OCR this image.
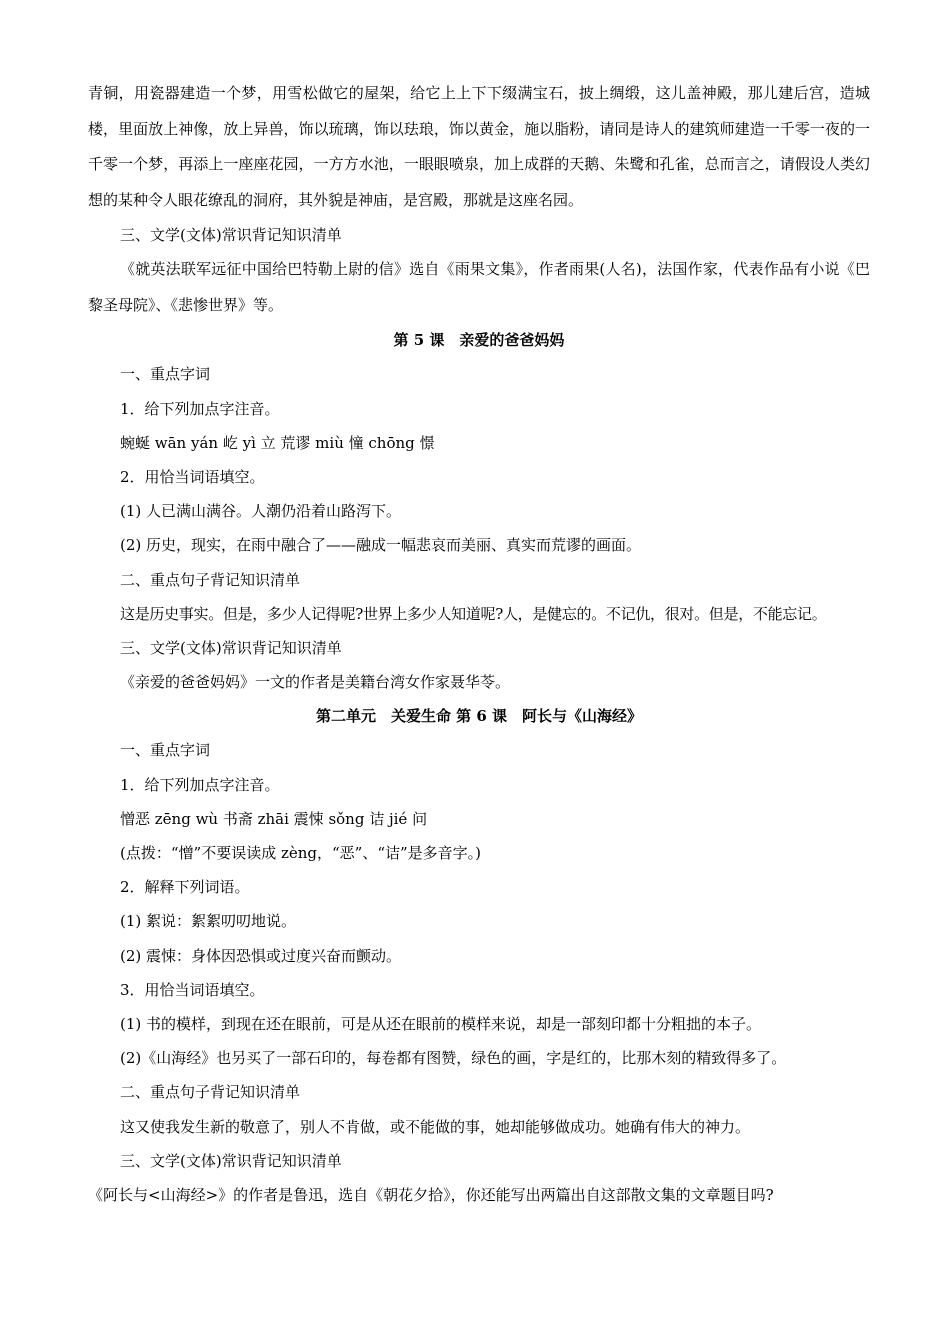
青铜，用瓷器建造一个梦，用雪松做它的屋架，给它上上下下缀满宝石，披上绸缎，这儿盖神殿，那儿建后宫，造城楼，里面放上神像，放上异兽，饰以琉璃，饰以珐琅，饰以黄金，施以脂粉，请同是诗人的建筑师建造一千零一夜的一千零一个梦，再添上一座座花园，一方方水池，一眼眼喷泉，加上成群的天鹅、朱鹭和孔雀，总而言之，请假设人类幻想的某种令人眼花缭乱的洞府，其外貌是神庙，是宫殿，那就是这座名园。

三、文学(文体)常识背记知识清单

《就英法联军远征中国给巴特勒上尉的信》选自《雨果文集》，作者雨果(人名)，法国作家，代表作品有小说《巴黎圣母院》、《悲惨世界》等。

第 5 课　亲爱的爸爸妈妈

一、重点字词

1．给下列加点字注音。

蜿蜒 wān yán 屹 yì 立 荒谬 miù 憧 chōng 憬

2．用恰当词语填空。

(1) 人已满山满谷。人潮仍沿着山路泻下。

(2) 历史，现实，在雨中融合了——融成一幅悲哀而美丽、真实而荒谬的画面。

二、重点句子背记知识清单

这是历史事实。但是，多少人记得呢?世界上多少人知道呢?人，是健忘的。不记仇，很对。但是，不能忘记。

三、文学(文体)常识背记知识清单

《亲爱的爸爸妈妈》一文的作者是美籍台湾女作家聂华苓。

第二单元　关爱生命 第 6 课　阿长与《山海经》

一、重点字词

1．给下列加点字注音。

憎恶 zēng wù 书斋 zhāi 震悚 sǒng 诘 jié 问

(点拨：“憎”不要误读成 zèng，“恶”、“诘”是多音字。)

2．解释下列词语。

(1) 絮说：絮絮叨叨地说。

(2) 震悚：身体因恐惧或过度兴奋而颤动。

3．用恰当词语填空。

(1) 书的模样，到现在还在眼前，可是从还在眼前的模样来说，却是一部刻印都十分粗拙的本子。

(2)《山海经》也另买了一部石印的，每卷都有图赞，绿色的画，字是红的，比那木刻的精致得多了。

二、重点句子背记知识清单

这又使我发生新的敬意了，别人不肯做，或不能做的事，她却能够做成功。她确有伟大的神力。

三、文学(文体)常识背记知识清单

《阿长与<山海经>》的作者是鲁迅，选自《朝花夕拾》，你还能写出两篇出自这部散文集的文章题目吗?
